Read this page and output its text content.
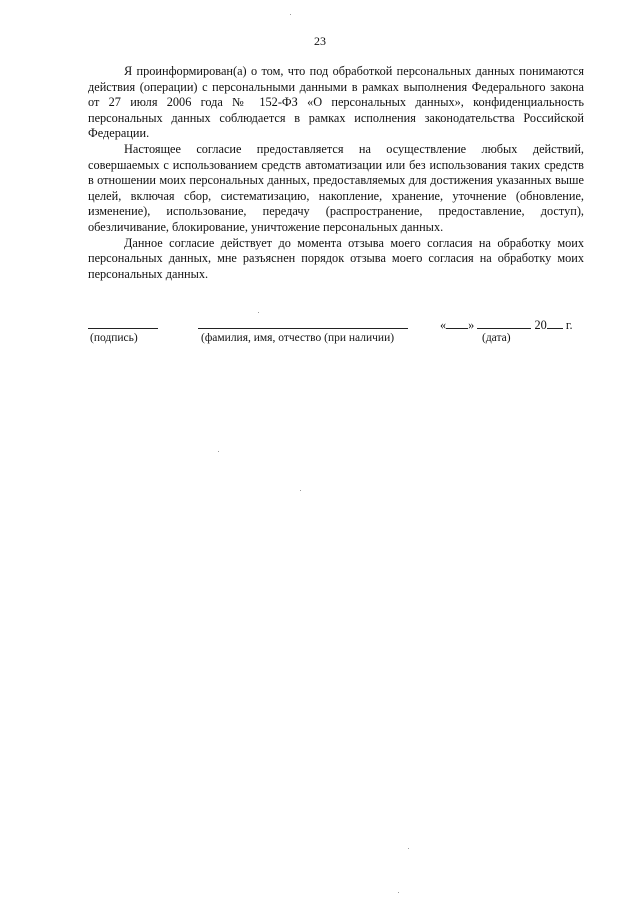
23

Я проинформирован(а) о том, что под обработкой персональных данных понимаются действия (операции) с персональными данными в рамках выполнения Федерального закона от 27 июля 2006 года № 152-ФЗ «О персональных данных», конфиденциальность персональных данных соблюдается в рамках исполнения законодательства Российской Федерации.

Настоящее согласие предоставляется на осуществление любых действий, совершаемых с использованием средств автоматизации или без использования таких средств в отношении моих персональных данных, предоставляемых для достижения указанных выше целей, включая сбор, систематизацию, накопление, хранение, уточнение (обновление, изменение), использование, передачу (распространение, предоставление, доступ), обезличивание, блокирование, уничтожение персональных данных.

Данное согласие действует до момента отзыва моего согласия на обработку моих персональных данных, мне разъяснен порядок отзыва моего согласия на обработку моих персональных данных.

(подпись)	(фамилия, имя, отчество (при наличии)
« »	20 г.
(дата)
